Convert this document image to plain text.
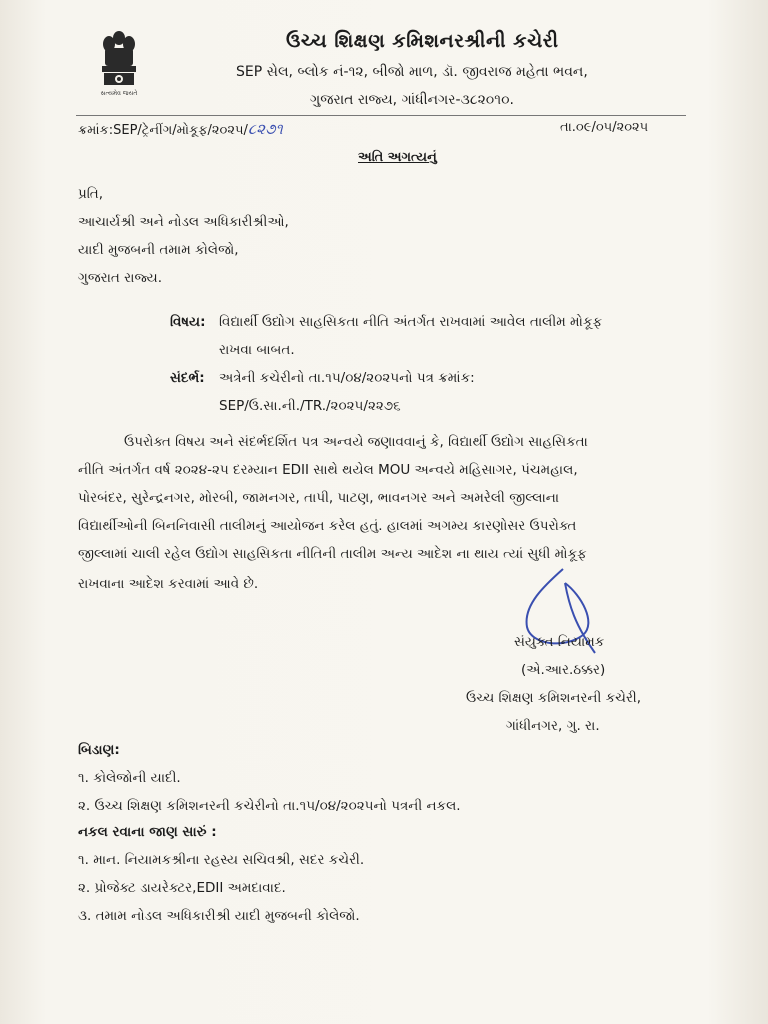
સત્યમેવ જયતે
ઉચ્ચ શિક્ષણ કમિશનરશ્રીની કચેરી
SEP સેલ, બ્લોક નં-૧૨, બીજો માળ, ડૉ. જીવરાજ મહેતા ભવન,
ગુજરાત રાજ્ય, ગાંધીનગર-૩૮૨૦૧૦.
ક્રમાંક:SEP/ટ્રેનીંગ/મોકૂફ/૨૦૨૫/૮૨૭૧	તા.૦૯/૦૫/૨૦૨૫
અતિ અગત્યનું
પ્રતિ,
આચાર્યશ્રી અને નોડલ અધિકારીશ્રીઓ,
યાદી મુજબની તમામ કોલેજો,
ગુજરાત રાજ્ય.
વિષય: વિદ્યાર્થી ઉદ્યોગ સાહસિકતા નીતિ અંતર્ગત રાખવામાં આવેલ તાલીમ મોકૂફ
રાખવા બાબત.
સંદર્ભ: અત્રેની કચેરીનો તા.૧૫/૦૪/૨૦૨૫નો પત્ર ક્રમાંક:
SEP/ઉ.સા.ની./TR./૨૦૨૫/૨૨૭૬
ઉપરોક્ત વિષય અને સંદર્ભદર્શિત પત્ર અન્વયે જણાવવાનું કે, વિદ્યાર્થી ઉદ્યોગ સાહસિકતા
નીતિ અંતર્ગત વર્ષ ૨૦૨૪-૨૫ દરમ્યાન EDII સાથે થયેલ MOU અન્વયે મહિસાગર, પંચમહાલ,
પોરબંદર, સુરેન્દ્રનગર, મોરબી, જામનગર, તાપી, પાટણ, ભાવનગર અને અમરેલી જીલ્લાના
વિદ્યાર્થીઓની બિનનિવાસી તાલીમનું આયોજન કરેલ હતું. હાલમાં અગમ્ય કારણોસર ઉપરોક્ત
જીલ્લામાં ચાલી રહેલ ઉદ્યોગ સાહસિકતા નીતિની તાલીમ અન્ય આદેશ ના થાય ત્યાં સુધી મોકૂફ
રાખવાના આદેશ કરવામાં આવે છે.
સંયુક્ત નિયામક
(એ.આર.ઠક્કર)
ઉચ્ચ શિક્ષણ કમિશનરની કચેરી,
ગાંધીનગર, ગુ. રા.
બિડાણ:
૧. કોલેજોની યાદી.
૨. ઉચ્ચ શિક્ષણ કમિશનરની કચેરીનો તા.૧૫/૦૪/૨૦૨૫નો પત્રની નકલ.
નકલ રવાના જાણ સારું :
૧. માન. નિયામકશ્રીના રહસ્ય સચિવશ્રી, સદર કચેરી.
૨. પ્રોજેક્ટ ડાયરેક્ટર,EDII અમદાવાદ.
૩. તમામ નોડલ અધિકારીશ્રી યાદી મુજબની કોલેજો.
